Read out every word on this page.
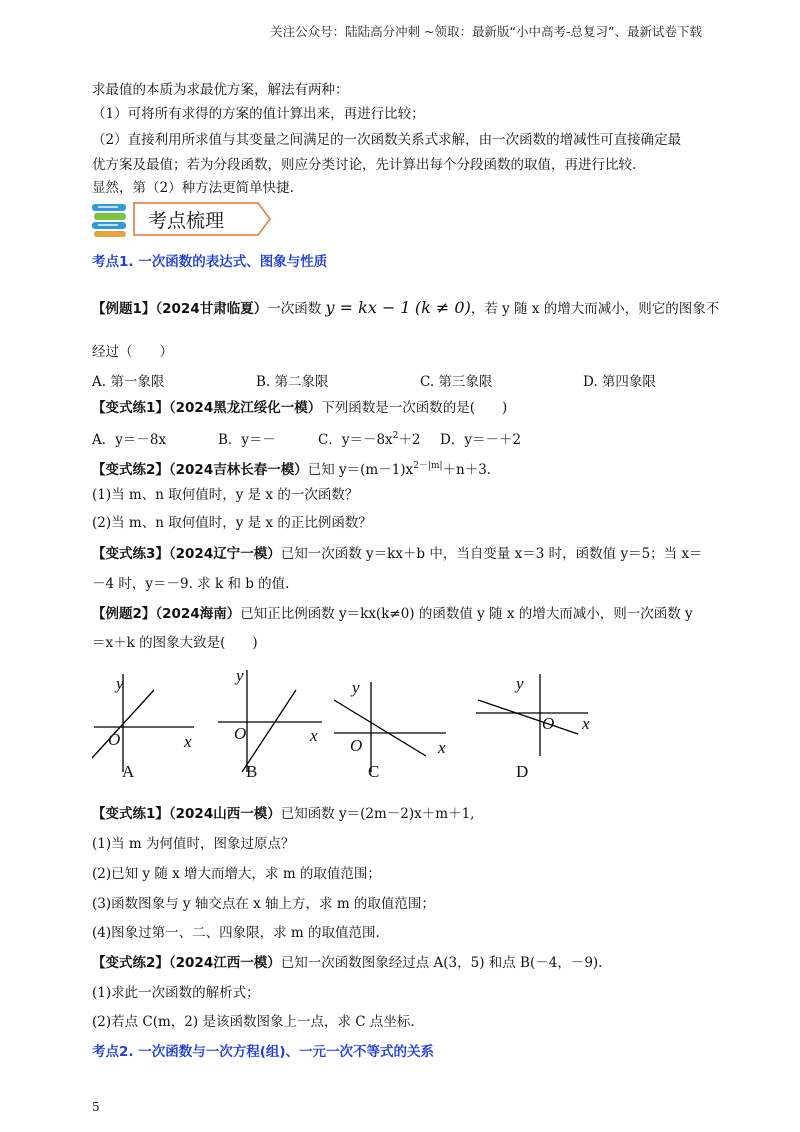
关注公众号：陆陆高分冲刺 ~领取：最新版“小中高考-总复习”、最新试卷下载
求最值的本质为求最优方案，解法有两种：
（1）可将所有求得的方案的值计算出来，再进行比较；
（2）直接利用所求值与其变量之间满足的一次函数关系式求解，由一次函数的增减性可直接确定最
优方案及最值；若为分段函数，则应分类讨论，先计算出每个分段函数的取值，再进行比较.
显然，第（2）种方法更简单快捷.
考点梳理
考点1. 一次函数的表达式、图象与性质
【例题1】（2024甘肃临夏）一次函数 y = kx − 1 (k ≠ 0)，若 y 随 x 的增大而减小，则它的图象不
经过（　　）
A. 第一象限	B. 第二象限	C. 第三象限	D. 第四象限
【变式练1】（2024黑龙江绥化一模）下列函数是一次函数的是(　　)
A．y＝－8x	B．y＝－	C．$y=-8x^2+2$ D．y＝－＋2
【变式练2】（2024吉林长春一模）已知 $y=(m-1)x^{2-|m|}+n+3$.
(1)当 m、n 取何值时，y 是 x 的一次函数？
(2)当 m、n 取何值时，y 是 x 的正比例函数？
【变式练3】（2024辽宁一模）已知一次函数 y＝kx＋b 中，当自变量 x＝3 时，函数值 y＝5；当 x＝
－4 时，y＝－9. 求 k 和 b 的值.
【例题2】（2024海南）已知正比例函数 y＝kx(k≠0) 的函数值 y 随 x 的增大而减小，则一次函数 y
＝x＋k 的图象大致是(　　)
y
x
O
A
y
x
O
B
y
x
O
C
y
x
O
D
【变式练1】（2024山西一模）已知函数 y＝(2m－2)x＋m＋1,
(1)当 m 为何值时，图象过原点？
(2)已知 y 随 x 增大而增大，求 m 的取值范围；
(3)函数图象与 y 轴交点在 x 轴上方，求 m 的取值范围；
(4)图象过第一、二、四象限，求 m 的取值范围.
【变式练2】（2024江西一模）已知一次函数图象经过点 A(3，5) 和点 B(－4，－9).
(1)求此一次函数的解析式；
(2)若点 C(m，2) 是该函数图象上一点，求 C 点坐标.
考点2. 一次函数与一次方程(组)、一元一次不等式的关系
5
